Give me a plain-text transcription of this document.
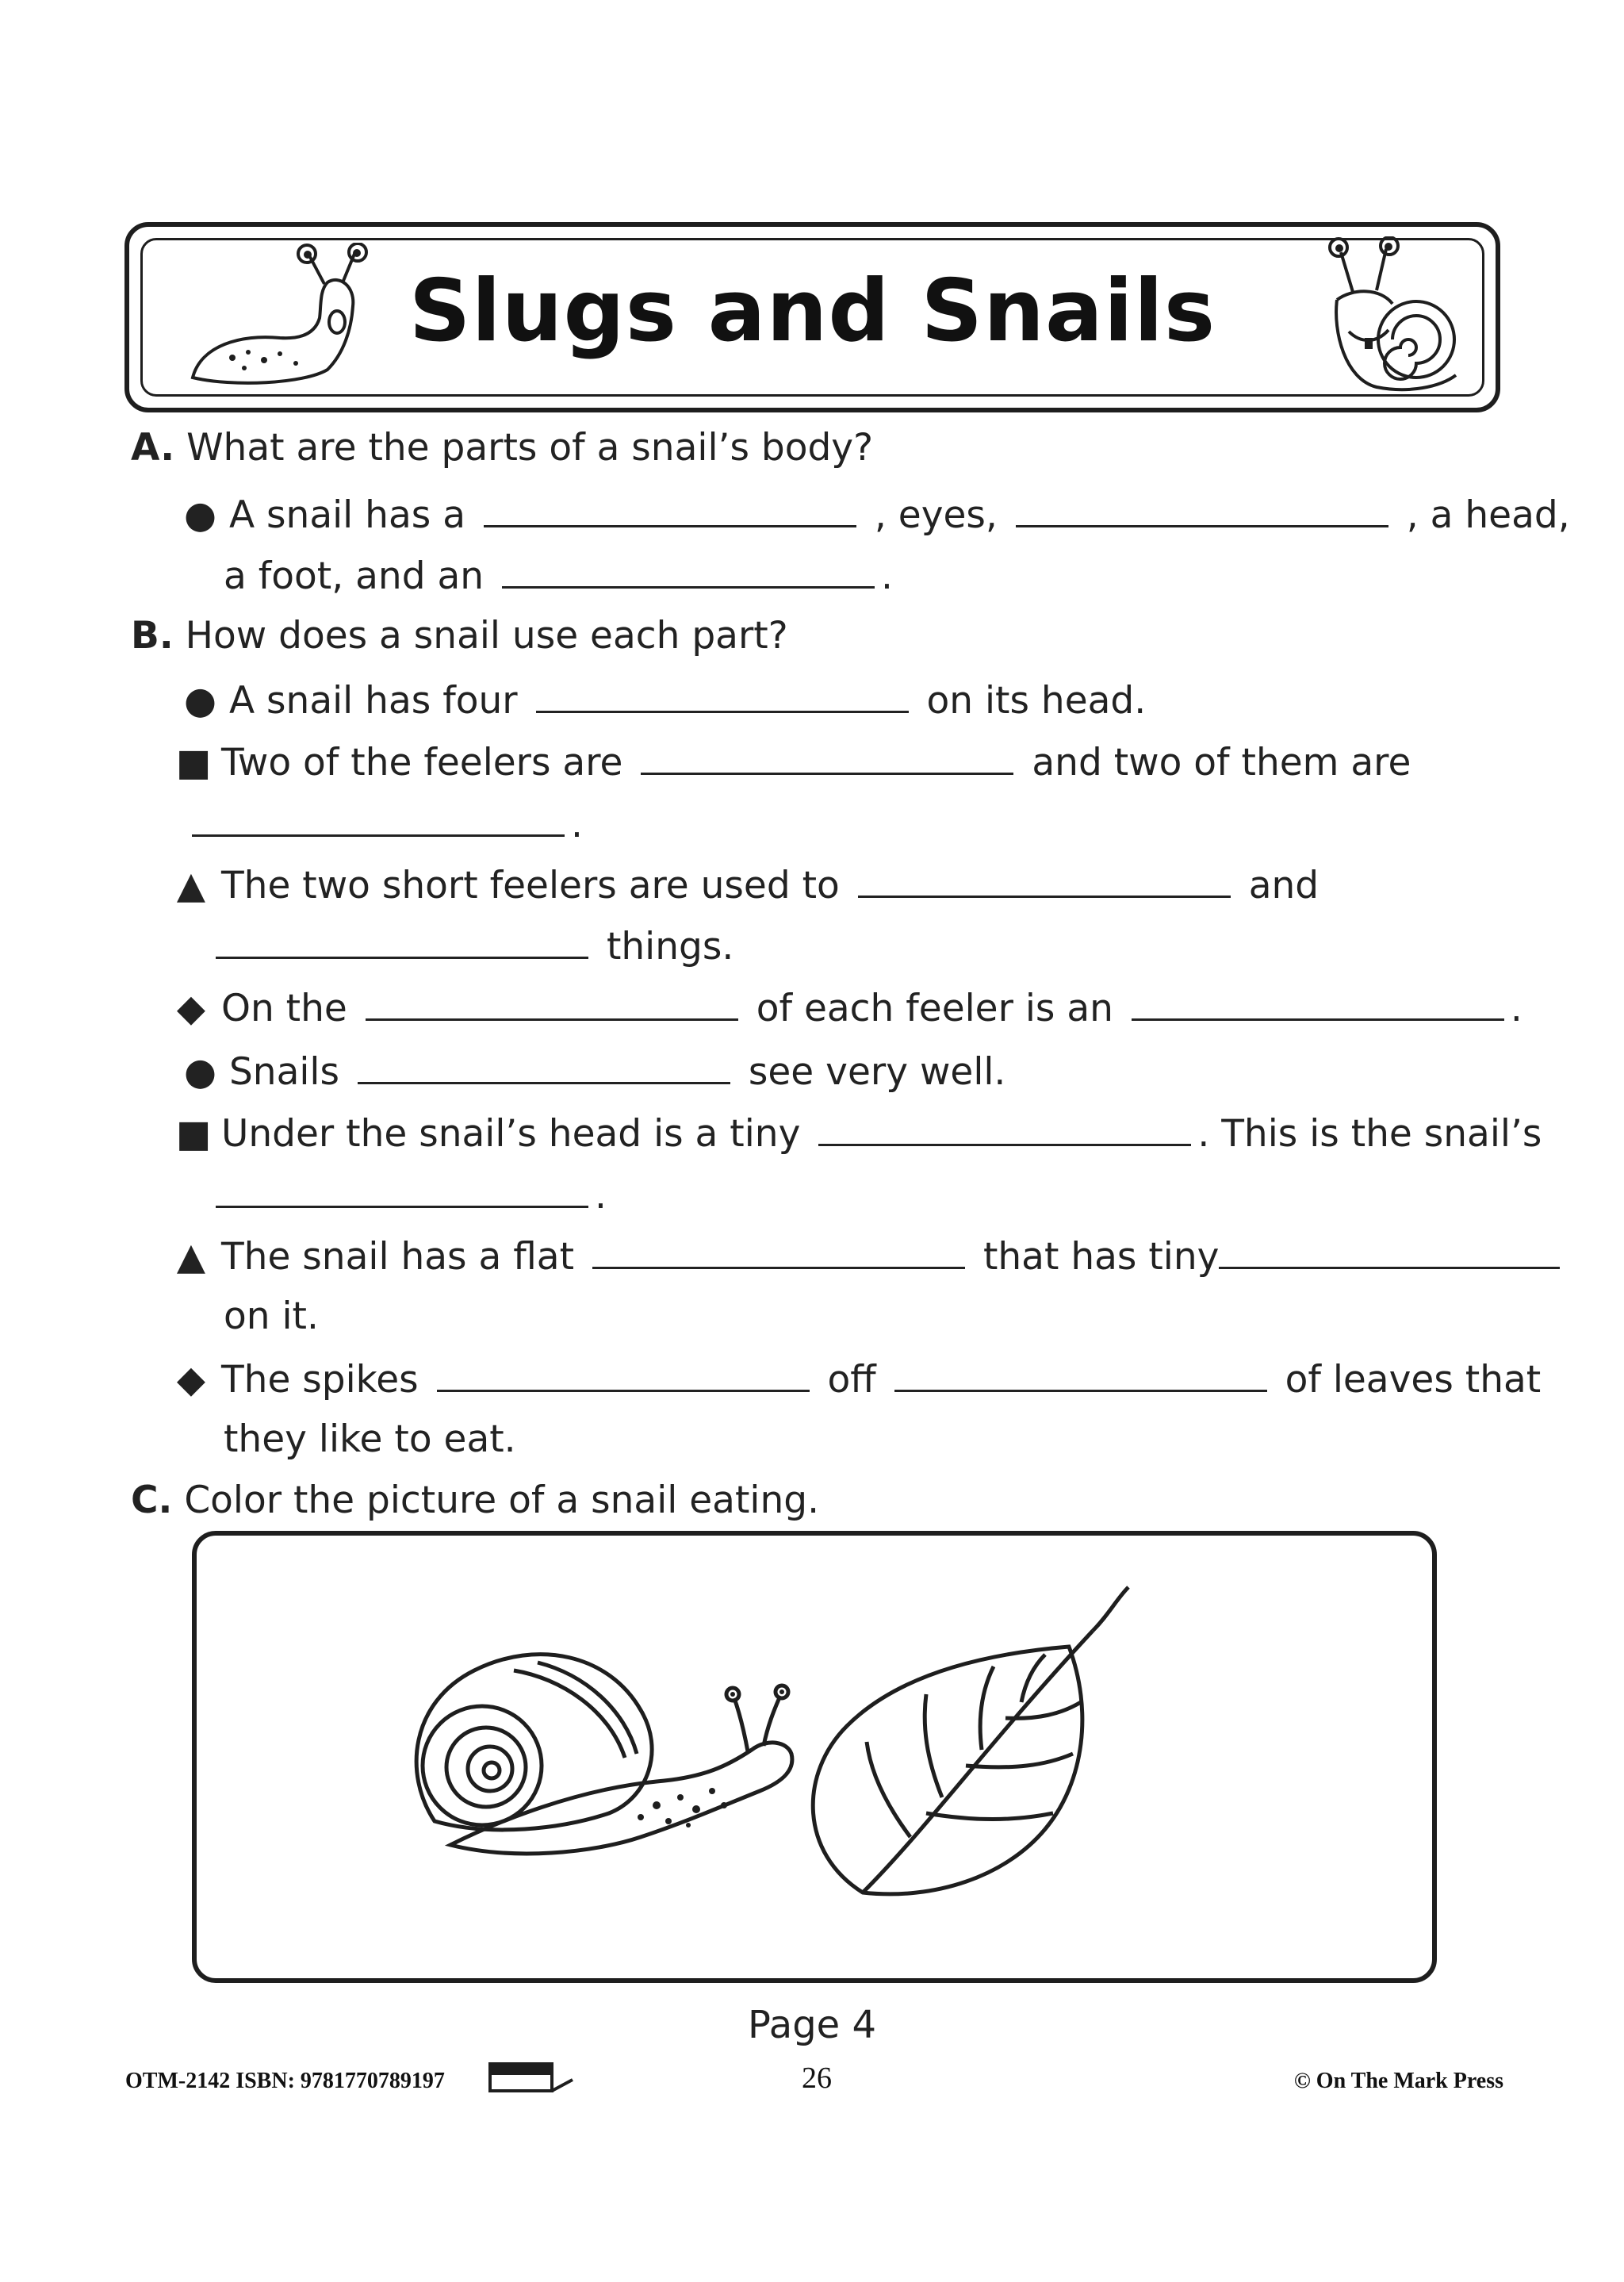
Slugs and Snails
A. What are the parts of a snail’s body?
● A snail has a	, eyes,	, a head,
a foot, and an	.
B. How does a snail use each part?
● A snail has four	on its head.
■ Two of the feelers are	and two of them are
.
▲ The two short feelers are used to	and
things.
◆ On the	of each feeler is an	.
● Snails	see very well.
■ Under the snail’s head is a tiny	. This is the snail’s
.
▲ The snail has a flat	that has tiny
on it.
◆ The spikes	off	of leaves that
they like to eat.
C. Color the picture of a snail eating.
Page 4
OTM-2142 ISBN: 9781770789197	26	© On The Mark Press
